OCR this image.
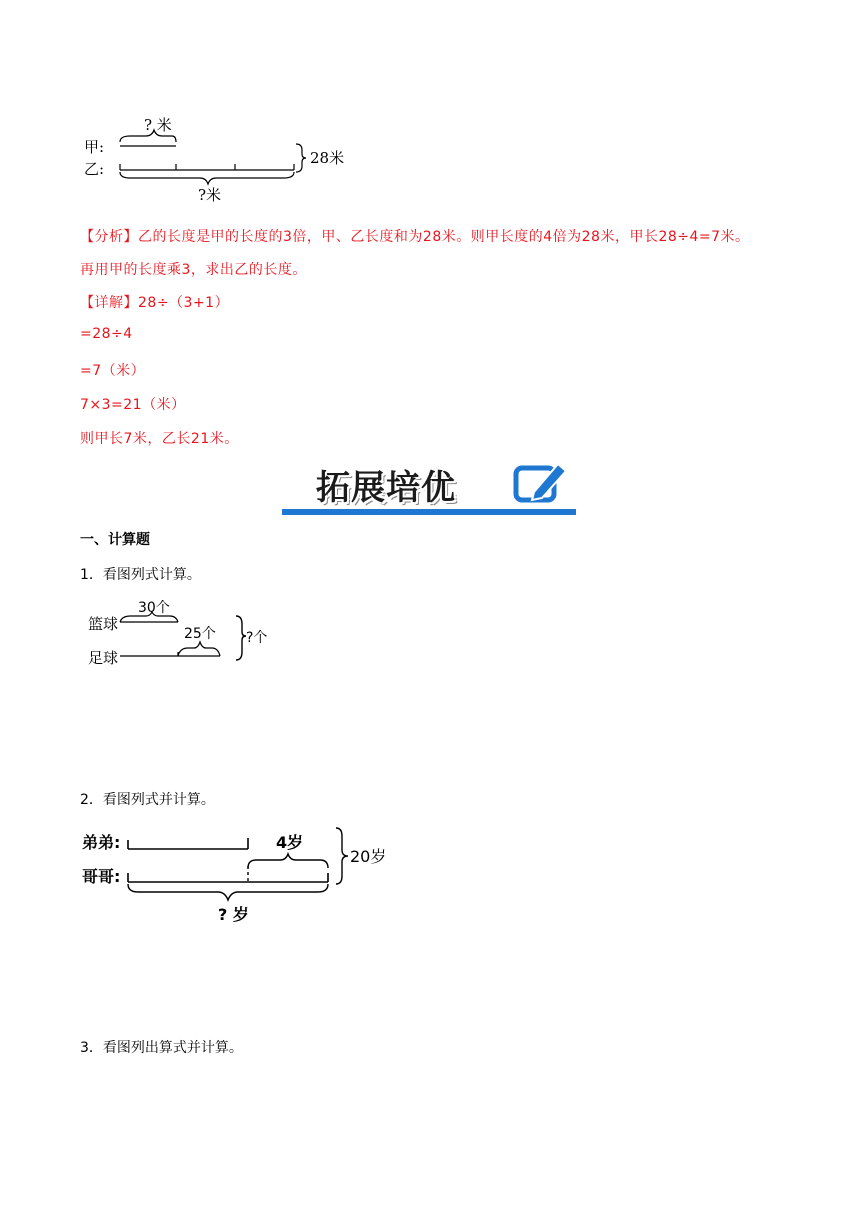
? 米
甲:
乙:
28米
?米
【分析】乙的长度是甲的长度的3倍，甲、乙长度和为28米。则甲长度的4倍为28米，甲长28÷4=7米。
再用甲的长度乘3，求出乙的长度。
【详解】28÷（3+1）
=28÷4
=7（米）
7×3=21（米）
则甲长7米，乙长21米。
拓展培优
一、计算题
1．看图列式计算。
30个
篮球
25个
足球
?个
2．看图列式并计算。
弟弟:	4岁
哥哥:
20岁
? 岁
3．看图列出算式并计算。
